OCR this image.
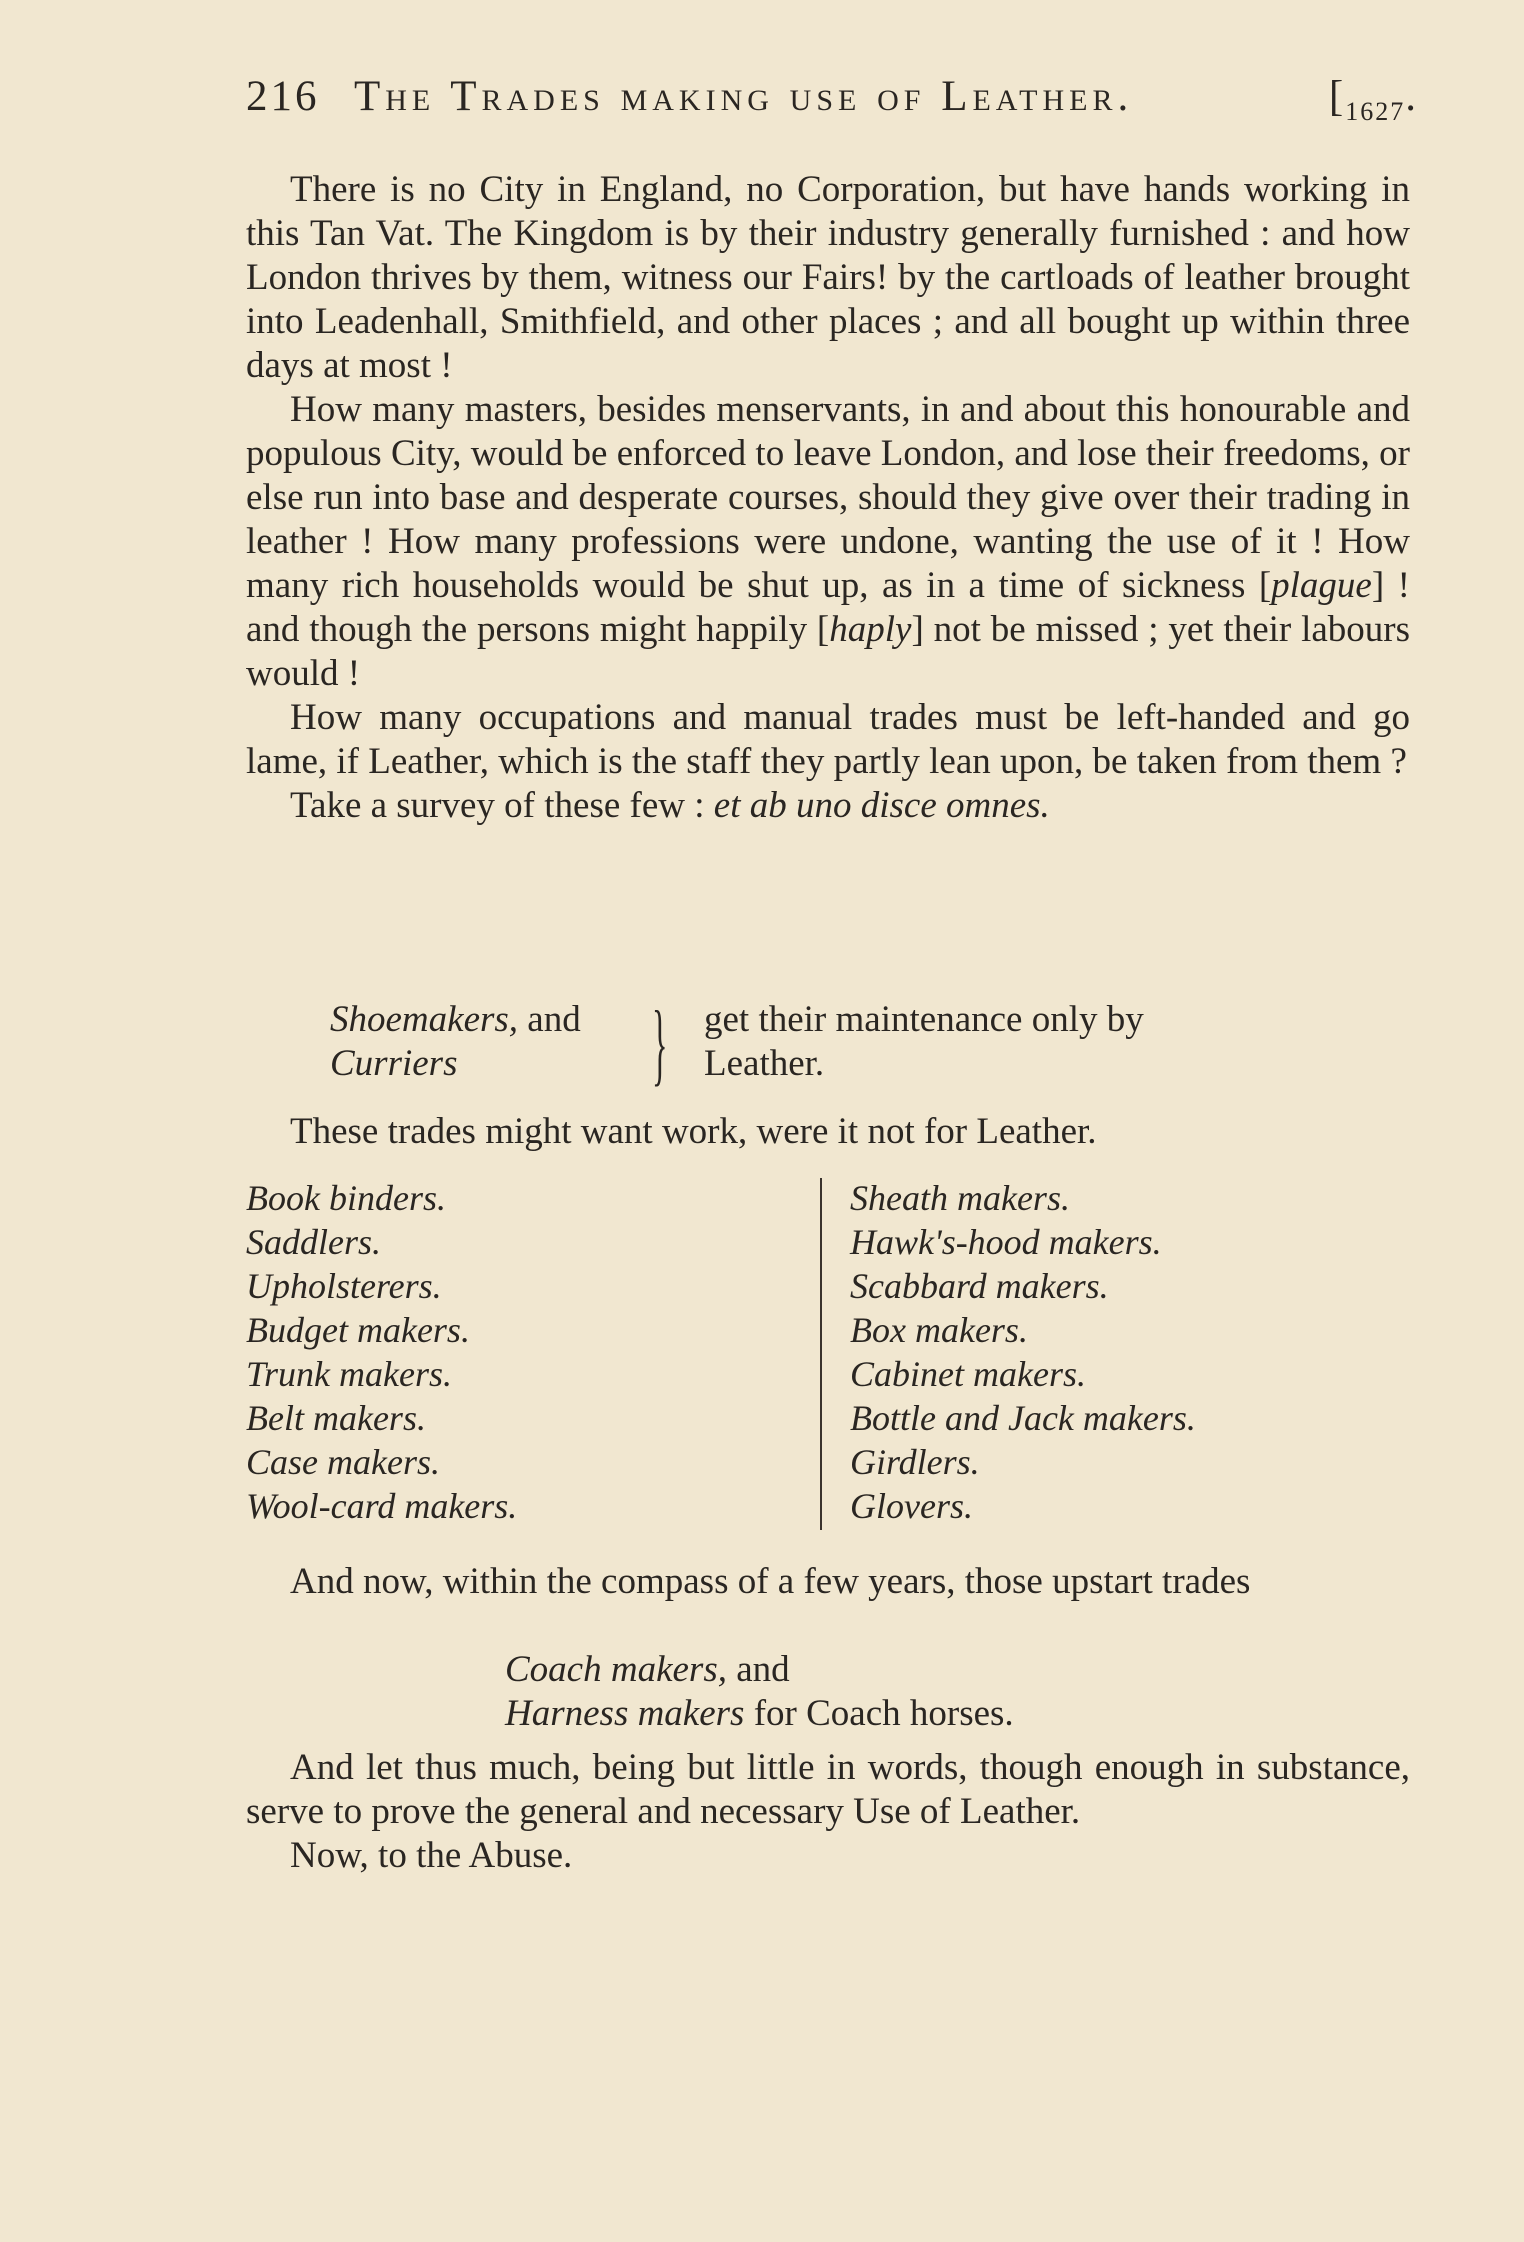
216 The Trades making use of Leather.	[$_{1627}$.

There is no City in England, no Corporation, but have hands working in this Tan Vat. The Kingdom is by their industry generally furnished : and how London thrives by them, witness our Fairs! by the cartloads of leather brought into Leadenhall, Smithfield, and other places ; and all bought up within three days at most !

How many masters, besides menservants, in and about this honourable and populous City, would be enforced to leave London, and lose their freedoms, or else run into base and desperate courses, should they give over their trading in leather ! How many professions were undone, wanting the use of it ! How many rich households would be shut up, as in a time of sickness [plague] ! and though the persons might happily [haply] not be missed ; yet their labours would !

How many occupations and manual trades must be left-handed and go lame, if Leather, which is the staff they partly lean upon, be taken from them ?

Take a survey of these few : et ab uno disce omnes.

Shoemakers, and
Curriers	} get their maintenance only by
Leather.
These trades might want work, were it not for Leather.
Book binders.
Saddlers.
Upholsterers.
Budget makers.
Trunk makers.
Belt makers.
Case makers.
Wool-card makers.
Sheath makers.
Hawk's-hood makers.
Scabbard makers.
Box makers.
Cabinet makers.
Bottle and Jack makers.
Girdlers.
Glovers.

And now, within the compass of a few years, those upstart trades

Coach makers, and
Harness makers for Coach horses.

And let thus much, being but little in words, though enough in substance, serve to prove the general and necessary Use of Leather.

Now, to the Abuse.
